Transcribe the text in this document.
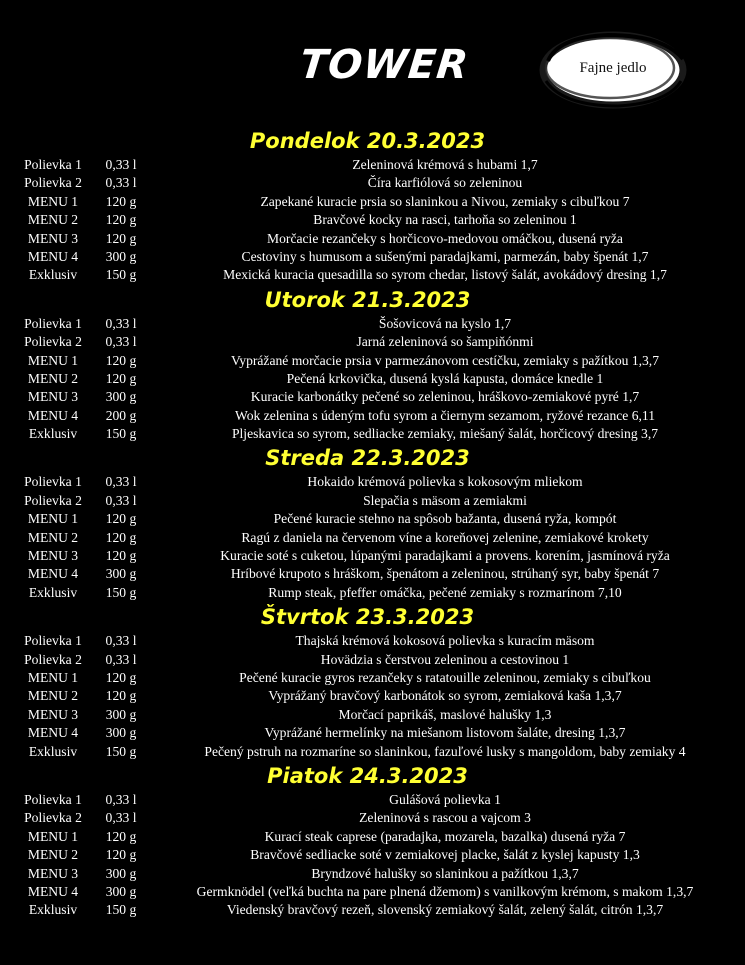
TOWER	Fajne jedlo
Pondelok 20.3.2023
Polievka 1	0,33 l	Zeleninová krémová s hubami 1,7
Polievka 2	0,33 l	Číra karfiólová so zeleninou
MENU 1	120 g	Zapekané kuracie prsia so slaninkou a Nivou, zemiaky s cibuľkou 7
MENU 2	120 g	Bravčové kocky na rasci, tarhoňa so zeleninou 1
MENU 3	120 g	Morčacie rezančeky s horčicovo-medovou omáčkou, dusená ryža
MENU 4	300 g	Cestoviny s humusom a sušenými paradajkami, parmezán, baby špenát 1,7
Exklusiv	150 g	Mexická kuracia quesadilla so syrom chedar, listový šalát, avokádový dresing 1,7
Utorok 21.3.2023
Polievka 1	0,33 l	Šošovicová na kyslo 1,7
Polievka 2	0,33 l	Jarná zeleninová so šampiňónmi
MENU 1	120 g	Vyprážané morčacie prsia v parmezánovom cestíčku, zemiaky s pažítkou 1,3,7
MENU 2	120 g	Pečená krkovička, dusená kyslá kapusta, domáce knedle 1
MENU 3	300 g	Kuracie karbonátky pečené so zeleninou, hráškovo-zemiakové pyré 1,7
MENU 4	200 g	Wok zelenina s údeným tofu syrom a čiernym sezamom, ryžové rezance 6,11
Exklusiv	150 g	Pljeskavica so syrom, sedliacke zemiaky, miešaný šalát, horčicový dresing 3,7
Streda 22.3.2023
Polievka 1	0,33 l	Hokaido krémová polievka s kokosovým mliekom
Polievka 2	0,33 l	Slepačia s mäsom a zemiakmi
MENU 1	120 g	Pečené kuracie stehno na spôsob bažanta, dusená ryža, kompót
MENU 2	120 g	Ragú z daniela na červenom víne a koreňovej zelenine, zemiakové krokety
MENU 3	120 g	Kuracie soté s cuketou, lúpanými paradajkami a provens. korením, jasmínová ryža
MENU 4	300 g	Hríbové krupoto s hráškom, špenátom a zeleninou, strúhaný syr, baby špenát 7
Exklusiv	150 g	Rump steak, pfeffer omáčka, pečené zemiaky s rozmarínom 7,10
Štvrtok 23.3.2023
Polievka 1	0,33 l	Thajská krémová kokosová polievka s kuracím mäsom
Polievka 2	0,33 l	Hovädzia s čerstvou zeleninou a cestovinou 1
MENU 1	120 g	Pečené kuracie gyros rezančeky s ratatouille zeleninou, zemiaky s cibuľkou
MENU 2	120 g	Vyprážaný bravčový karbonátok so syrom, zemiaková kaša 1,3,7
MENU 3	300 g	Morčací paprikáš, maslové halušky 1,3
MENU 4	300 g	Vyprážané hermelínky na miešanom listovom šaláte, dresing 1,3,7
Exklusiv	150 g	Pečený pstruh na rozmaríne so slaninkou, fazuľové lusky s mangoldom, baby zemiaky 4
Piatok 24.3.2023
Polievka 1	0,33 l	Gulášová polievka 1
Polievka 2	0,33 l	Zeleninová s rascou a vajcom 3
MENU 1	120 g	Kurací steak caprese (paradajka, mozarela, bazalka) dusená ryža 7
MENU 2	120 g	Bravčové sedliacke soté v zemiakovej placke, šalát z kyslej kapusty 1,3
MENU 3	300 g	Bryndzové halušky so slaninkou a pažítkou 1,3,7
MENU 4	300 g	Germknödel (veľká buchta na pare plnená džemom) s vanilkovým krémom, s makom 1,3,7
Exklusiv	150 g	Viedenský bravčový rezeň, slovenský zemiakový šalát, zelený šalát, citrón 1,3,7
